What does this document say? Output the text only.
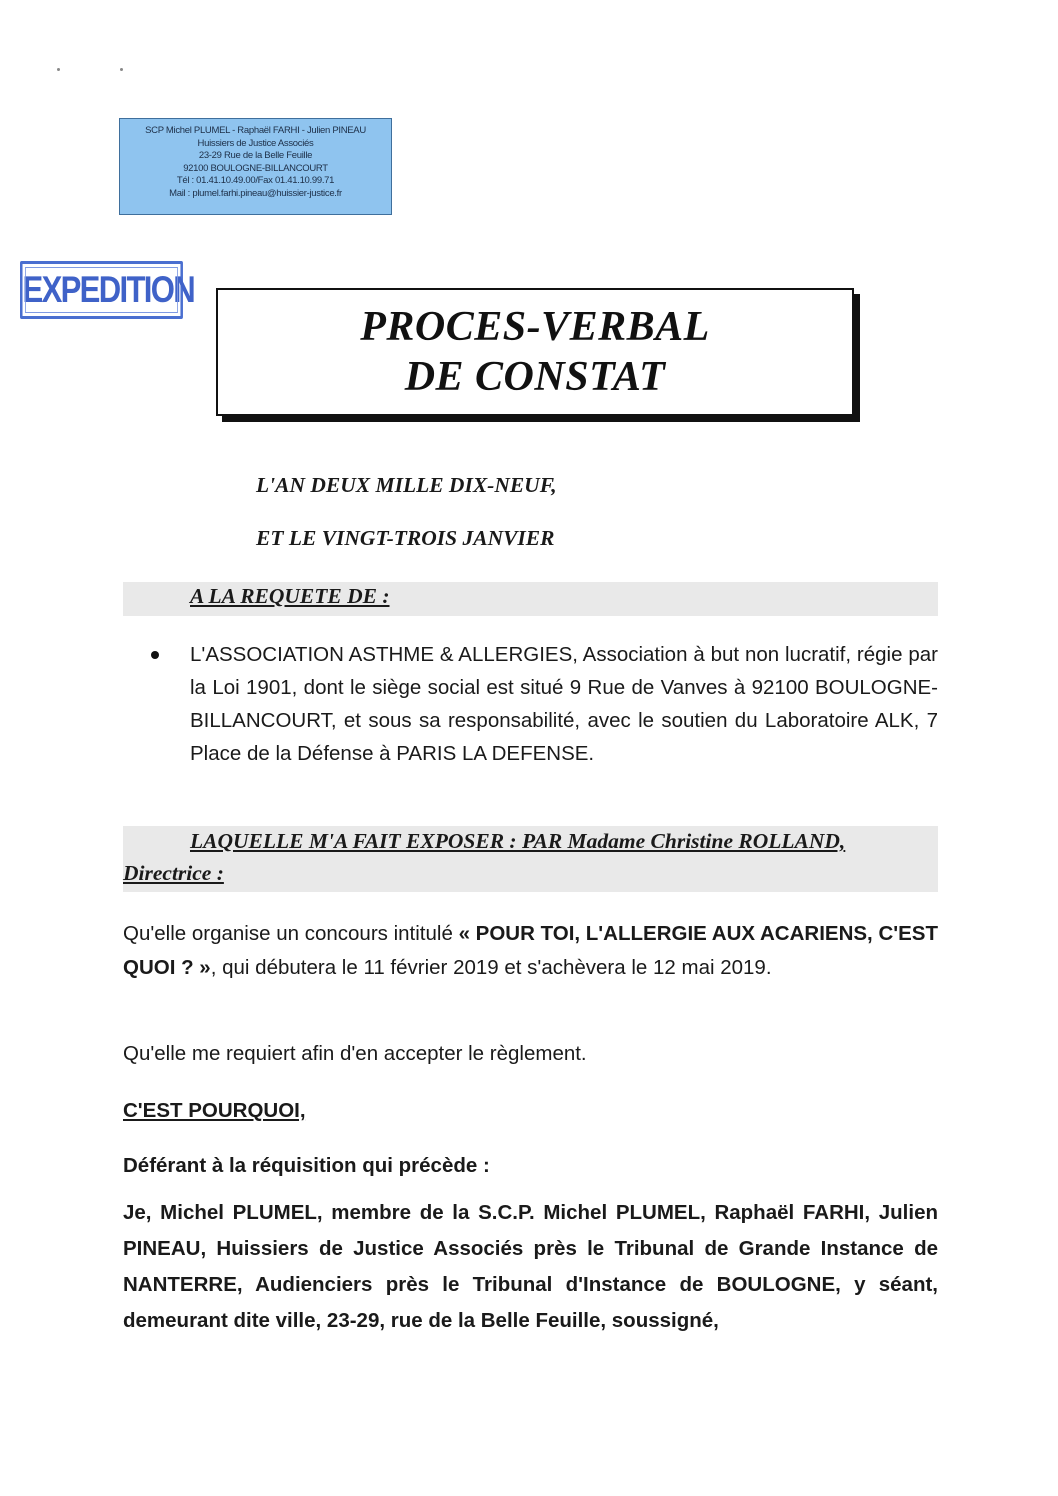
SCP Michel PLUMEL - Raphaël FARHI - Julien PINEAU
Huissiers de Justice Associés
23-29 Rue de la Belle Feuille
92100 BOULOGNE-BILLANCOURT
Tél : 01.41.10.49.00/Fax 01.41.10.99.71
Mail : plumel.farhi.pineau@huissier-justice.fr
EXPEDITION
PROCES-VERBAL
DE CONSTAT
L'AN DEUX MILLE DIX-NEUF,
ET LE VINGT-TROIS JANVIER
A LA REQUETE DE :
L'ASSOCIATION ASTHME & ALLERGIES, Association à but non lucratif, régie par la Loi 1901, dont le siège social est situé 9 Rue de Vanves à 92100 BOULOGNE-BILLANCOURT, et sous sa responsabilité, avec le soutien du Laboratoire ALK, 7 Place de la Défense à PARIS LA DEFENSE.
LAQUELLE M'A FAIT EXPOSER : PAR Madame Christine ROLLAND,
Directrice :
Qu'elle organise un concours intitulé « POUR TOI, L'ALLERGIE AUX ACARIENS, C'EST QUOI ? », qui débutera le 11 février 2019 et s'achèvera le 12 mai 2019.
Qu'elle me requiert afin d'en accepter le règlement.
C'EST POURQUOI,
Déférant à la réquisition qui précède :
Je, Michel PLUMEL, membre de la S.C.P. Michel PLUMEL, Raphaël FARHI, Julien PINEAU, Huissiers de Justice Associés près le Tribunal de Grande Instance de NANTERRE, Audienciers près le Tribunal d'Instance de BOULOGNE, y séant, demeurant dite ville, 23-29, rue de la Belle Feuille, soussigné,
